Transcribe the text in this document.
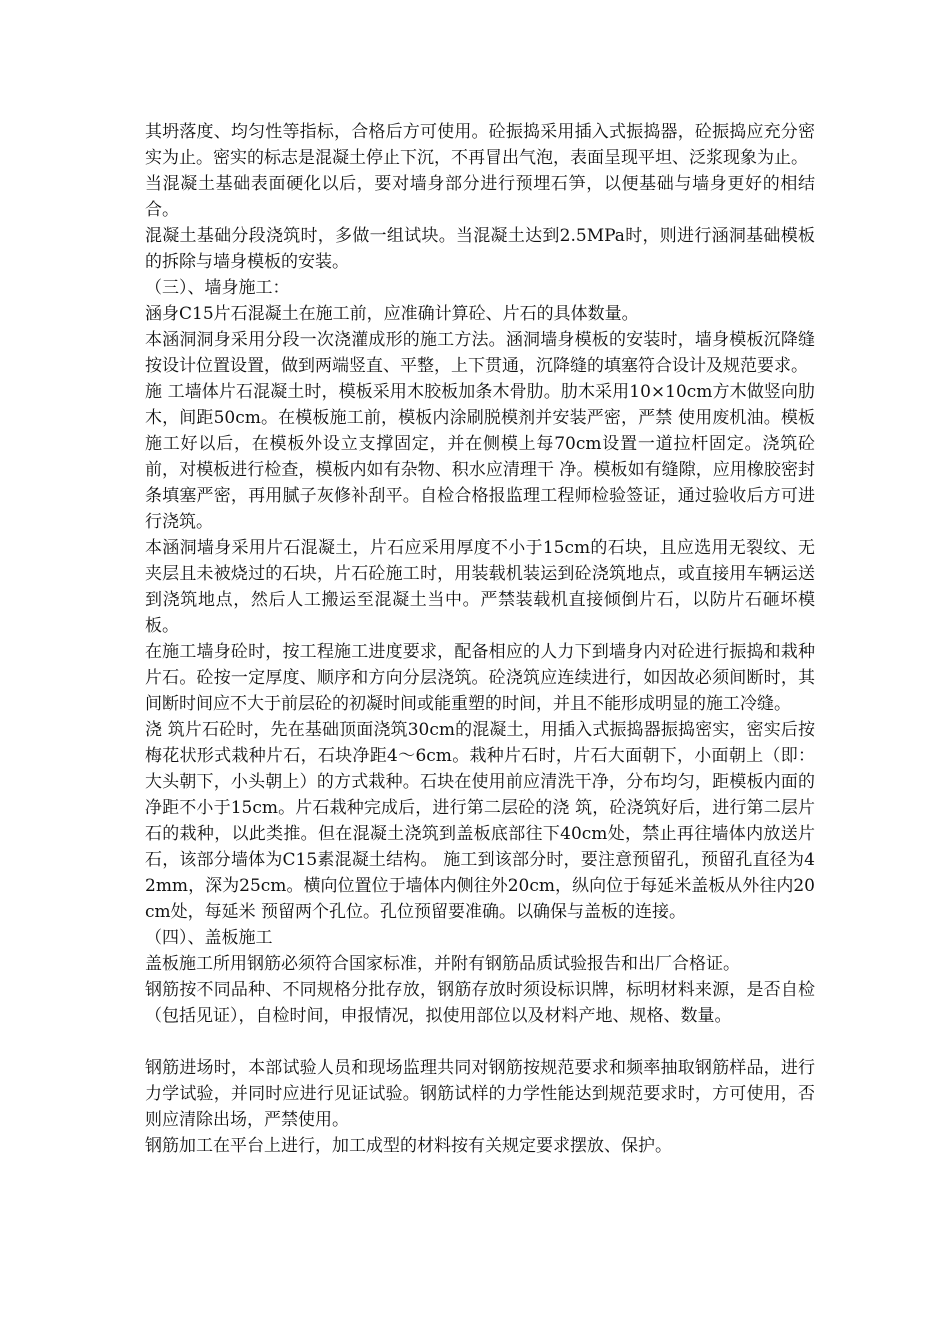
其坍落度、均匀性等指标，合格后方可使用。砼振捣采用插入式振捣器，砼振捣应充分密实为止。密实的标志是混凝土停止下沉，不再冒出气泡，表面呈现平坦、泛浆现象为止。

当混凝土基础表面硬化以后，要对墙身部分进行预埋石笋，以便基础与墙身更好的相结合。

混凝土基础分段浇筑时，多做一组试块。当混凝土达到2.5MPa时，则进行涵洞基础模板的拆除与墙身模板的安装。

（三）、墙身施工：

涵身C15片石混凝土在施工前，应准确计算砼、片石的具体数量。

本涵洞洞身采用分段一次浇灌成形的施工方法。涵洞墙身模板的安装时，墙身模板沉降缝按设计位置设置，做到两端竖直、平整，上下贯通，沉降缝的填塞符合设计及规范要求。

施 工墙体片石混凝土时，模板采用木胶板加条木骨肋。肋木采用10×10cm方木做竖向肋木，间距50cm。在模板施工前，模板内涂刷脱模剂并安装严密，严禁 使用废机油。模板施工好以后，在模板外设立支撑固定，并在侧模上每70cm设置一道拉杆固定。浇筑砼前，对模板进行检查，模板内如有杂物、积水应清理干 净。模板如有缝隙，应用橡胶密封条填塞严密，再用腻子灰修补刮平。自检合格报监理工程师检验签证，通过验收后方可进行浇筑。

本涵洞墙身采用片石混凝土，片石应采用厚度不小于15cm的石块，且应选用无裂纹、无夹层且未被烧过的石块，片石砼施工时，用装载机装运到砼浇筑地点，或直接用车辆运送到浇筑地点，然后人工搬运至混凝土当中。严禁装载机直接倾倒片石，以防片石砸坏模板。

在施工墙身砼时，按工程施工进度要求，配备相应的人力下到墙身内对砼进行振捣和栽种片石。砼按一定厚度、顺序和方向分层浇筑。砼浇筑应连续进行，如因故必须间断时，其间断时间应不大于前层砼的初凝时间或能重塑的时间，并且不能形成明显的施工冷缝。

浇 筑片石砼时，先在基础顶面浇筑30cm的混凝土，用插入式振捣器振捣密实，密实后按梅花状形式栽种片石，石块净距4～6cm。栽种片石时，片石大面朝下，小面朝上（即：大头朝下，小头朝上）的方式栽种。石块在使用前应清洗干净，分布均匀，距模板内面的净距不小于15cm。片石栽种完成后，进行第二层砼的浇 筑，砼浇筑好后，进行第二层片石的栽种，以此类推。但在混凝土浇筑到盖板底部往下40cm处，禁止再往墙体内放送片石，该部分墙体为C15素混凝土结构。 施工到该部分时，要注意预留孔，预留孔直径为42mm，深为25cm。横向位置位于墙体内侧往外20cm，纵向位于每延米盖板从外往内20cm处，每延米 预留两个孔位。孔位预留要准确。以确保与盖板的连接。

（四）、盖板施工

盖板施工所用钢筋必须符合国家标准，并附有钢筋品质试验报告和出厂合格证。

钢筋按不同品种、不同规格分批存放，钢筋存放时须设标识牌，标明材料来源，是否自检（包括见证），自检时间，申报情况，拟使用部位以及材料产地、规格、数量。

钢筋进场时，本部试验人员和现场监理共同对钢筋按规范要求和频率抽取钢筋样品，进行力学试验，并同时应进行见证试验。钢筋试样的力学性能达到规范要求时，方可使用，否则应清除出场，严禁使用。

钢筋加工在平台上进行，加工成型的材料按有关规定要求摆放、保护。
